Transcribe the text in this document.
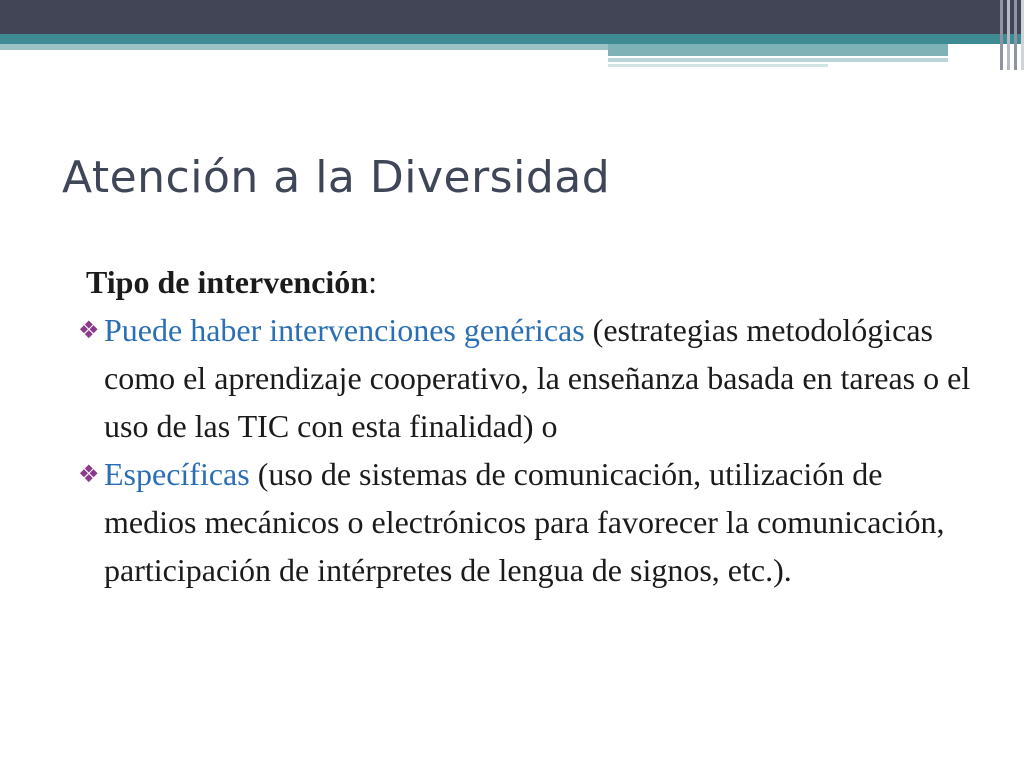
Atención a la Diversidad

Tipo de intervención:

❖ Puede haber intervenciones genéricas (estrategias metodológicas como el aprendizaje cooperativo, la enseñanza basada en tareas o el uso de las TIC con esta finalidad) o

❖ Específicas (uso de sistemas de comunicación, utilización de medios mecánicos o electrónicos para favorecer la comunicación, participación de intérpretes de lengua de signos, etc.).
